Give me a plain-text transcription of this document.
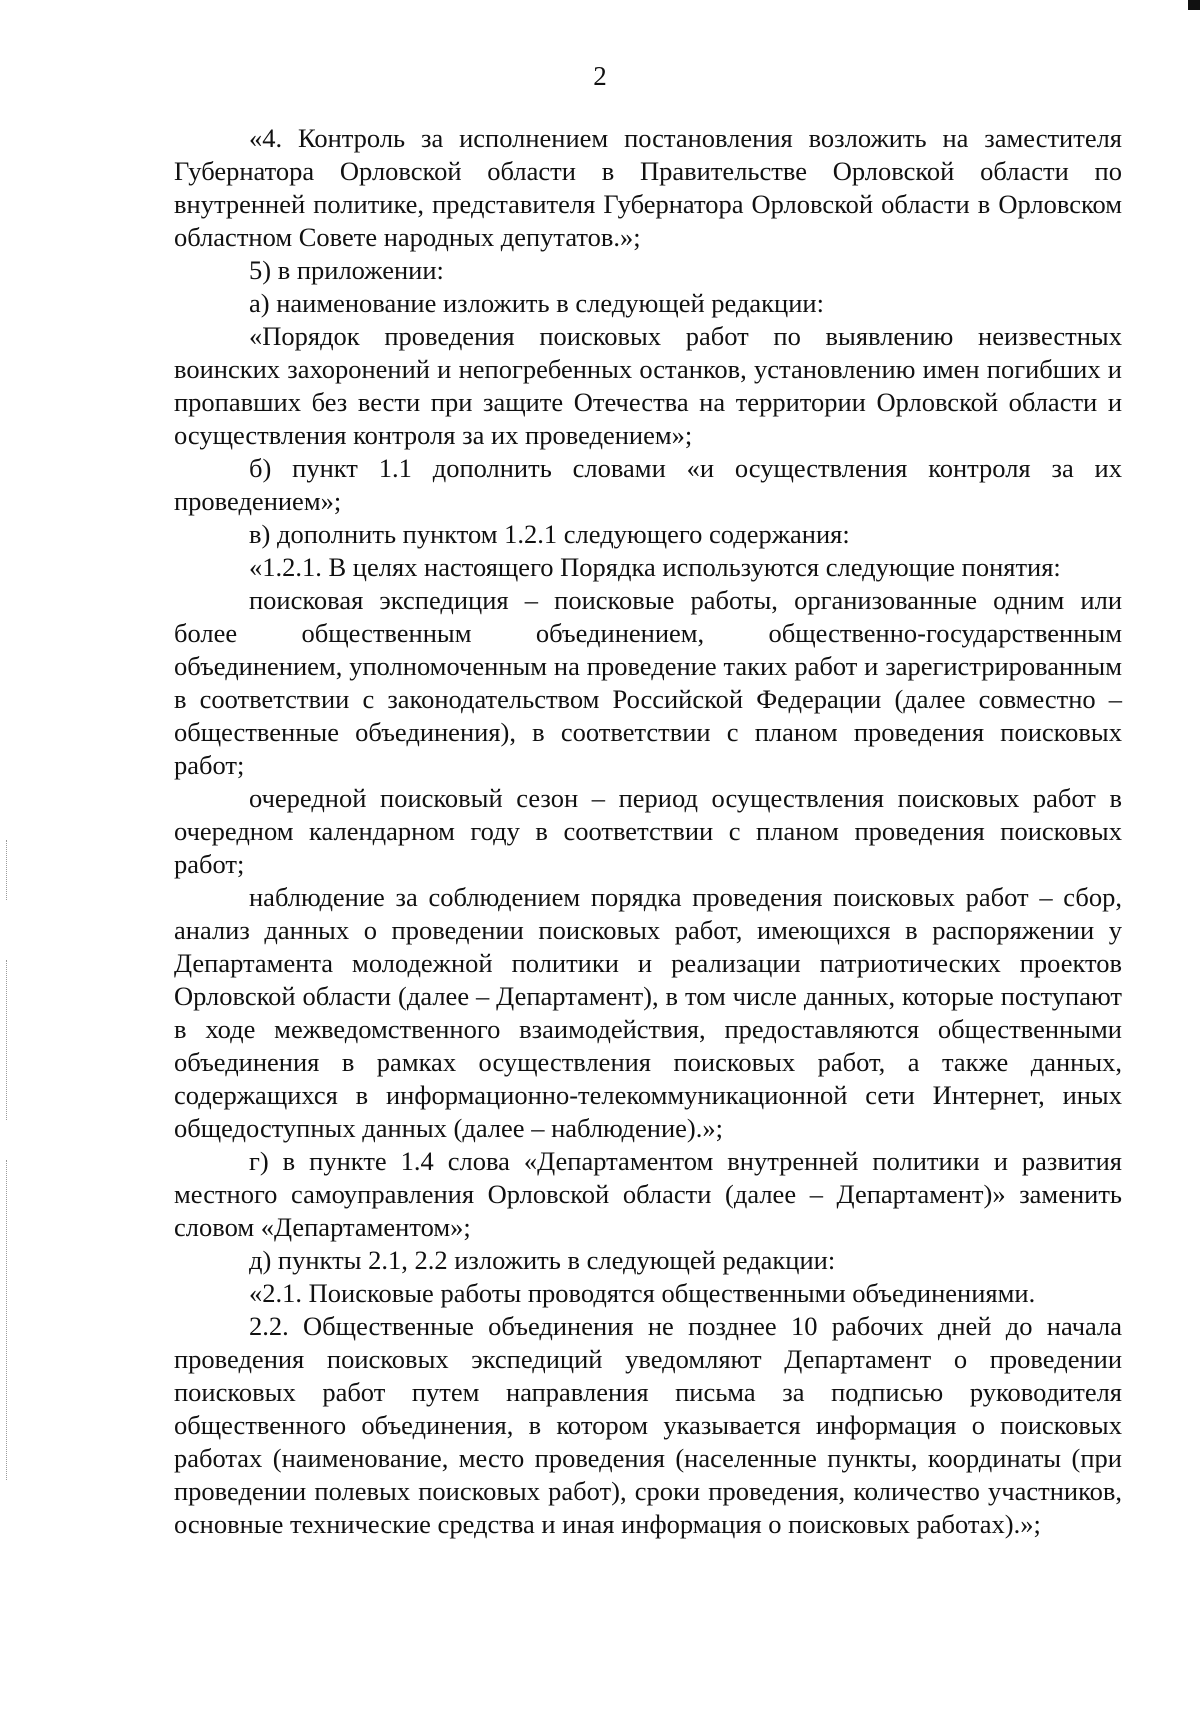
2

«4. Контроль за исполнением постановления возложить на заместителя Губернатора Орловской области в Правительстве Орловской области по внутренней политике, представителя Губернатора Орловской области в Орловском областном Совете народных депутатов.»;

5) в приложении:

а) наименование изложить в следующей редакции:

«Порядок проведения поисковых работ по выявлению неизвестных воинских захоронений и непогребенных останков, установлению имен погибших и пропавших без вести при защите Отечества на территории Орловской области и осуществления контроля за их проведением»;

б) пункт 1.1 дополнить словами «и осуществления контроля за их проведением»;

в) дополнить пунктом 1.2.1 следующего содержания:

«1.2.1. В целях настоящего Порядка используются следующие понятия:

поисковая экспедиция – поисковые работы, организованные одним или более общественным объединением, общественно-государственным объединением, уполномоченным на проведение таких работ и зарегистрированным в соответствии с законодательством Российской Федерации (далее совместно – общественные объединения), в соответствии с планом проведения поисковых работ;

очередной поисковый сезон – период осуществления поисковых работ в очередном календарном году в соответствии с планом проведения поисковых работ;

наблюдение за соблюдением порядка проведения поисковых работ – сбор, анализ данных о проведении поисковых работ, имеющихся в распоряжении у Департамента молодежной политики и реализации патриотических проектов Орловской области (далее – Департамент), в том числе данных, которые поступают в ходе межведомственного взаимодействия, предоставляются общественными объединения в рамках осуществления поисковых работ, а также данных, содержащихся в информационно-телекоммуникационной сети Интернет, иных общедоступных данных (далее – наблюдение).»;

г) в пункте 1.4 слова «Департаментом внутренней политики и развития местного самоуправления Орловской области (далее – Департамент)» заменить словом «Департаментом»;

д) пункты 2.1, 2.2 изложить в следующей редакции:

«2.1. Поисковые работы проводятся общественными объединениями.

2.2. Общественные объединения не позднее 10 рабочих дней до начала проведения поисковых экспедиций уведомляют Департамент о проведении поисковых работ путем направления письма за подписью руководителя общественного объединения, в котором указывается информация о поисковых работах (наименование, место проведения (населенные пункты, координаты (при проведении полевых поисковых работ), сроки проведения, количество участников, основные технические средства и иная информация о поисковых работах).»;
